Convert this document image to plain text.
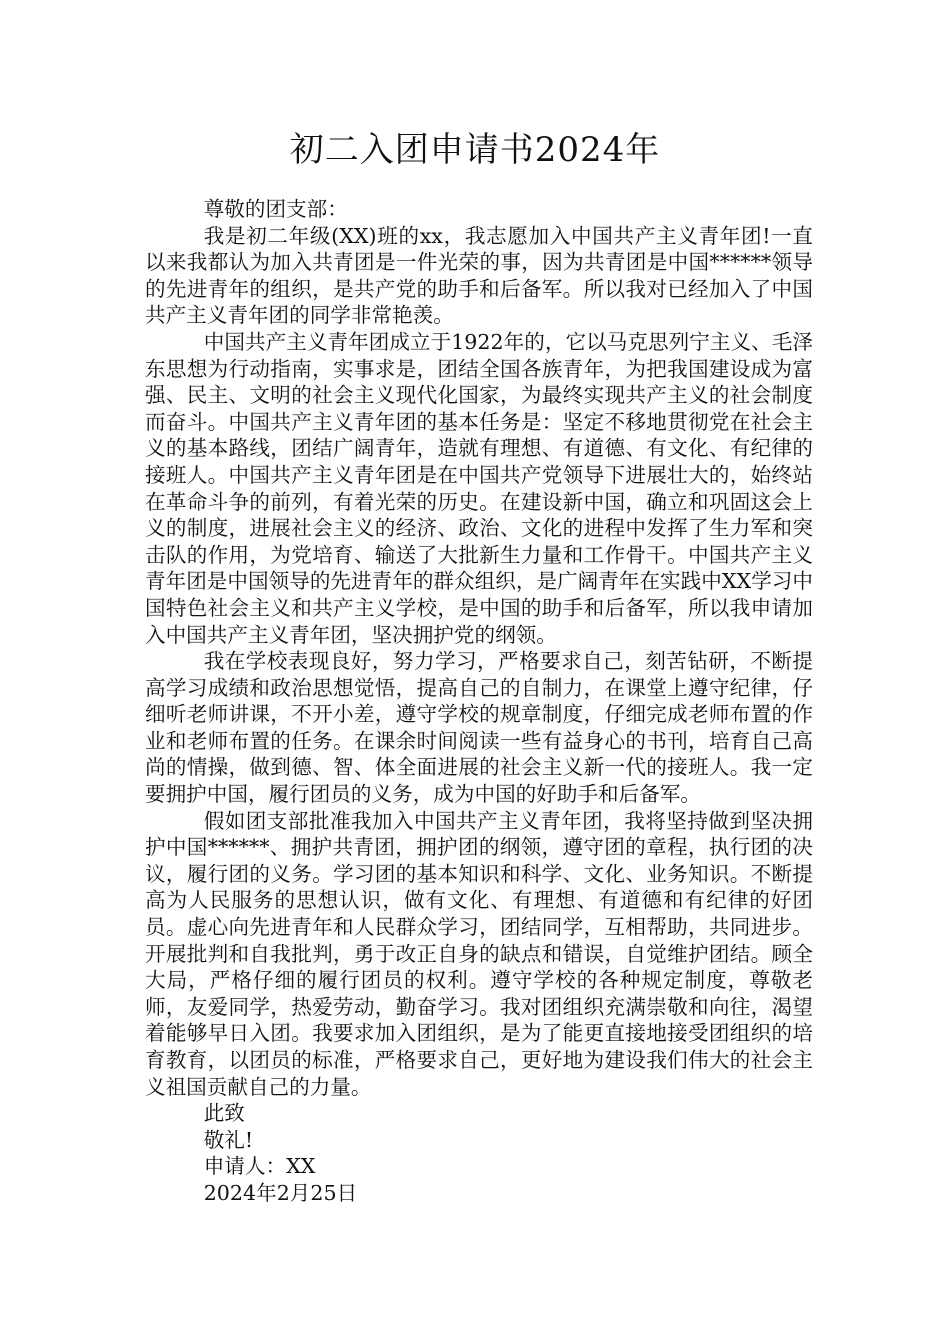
初二入团申请书2024年

尊敬的团支部：

我是初二年级(XX)班的xx，我志愿加入中国共产主义青年团!一直以来我都认为加入共青团是一件光荣的事，因为共青团是中国******领导的先进青年的组织，是共产党的助手和后备军。所以我对已经加入了中国共产主义青年团的同学非常艳羡。

中国共产主义青年团成立于1922年的，它以马克思列宁主义、毛泽东思想为行动指南，实事求是，团结全国各族青年，为把我国建设成为富强、民主、文明的社会主义现代化国家，为最终实现共产主义的社会制度而奋斗。中国共产主义青年团的基本任务是：坚定不移地贯彻党在社会主义的基本路线，团结广阔青年，造就有理想、有道德、有文化、有纪律的接班人。中国共产主义青年团是在中国共产党领导下进展壮大的，始终站在革命斗争的前列，有着光荣的历史。在建设新中国，确立和巩固这会上义的制度，进展社会主义的经济、政治、文化的进程中发挥了生力军和突击队的作用，为党培育、输送了大批新生力量和工作骨干。中国共产主义青年团是中国领导的先进青年的群众组织，是广阔青年在实践中XX学习中国特色社会主义和共产主义学校，是中国的助手和后备军，所以我申请加入中国共产主义青年团，坚决拥护党的纲领。

我在学校表现良好，努力学习，严格要求自己，刻苦钻研，不断提高学习成绩和政治思想觉悟，提高自己的自制力，在课堂上遵守纪律，仔细听老师讲课，不开小差，遵守学校的规章制度，仔细完成老师布置的作业和老师布置的任务。在课余时间阅读一些有益身心的书刊，培育自己高尚的情操，做到德、智、体全面进展的社会主义新一代的接班人。我一定要拥护中国，履行团员的义务，成为中国的好助手和后备军。

假如团支部批准我加入中国共产主义青年团，我将坚持做到坚决拥护中国******、拥护共青团，拥护团的纲领，遵守团的章程，执行团的决议，履行团的义务。学习团的基本知识和科学、文化、业务知识。不断提高为人民服务的思想认识，做有文化、有理想、有道德和有纪律的好团员。虚心向先进青年和人民群众学习，团结同学，互相帮助，共同进步。开展批判和自我批判，勇于改正自身的缺点和错误，自觉维护团结。顾全大局，严格仔细的履行团员的权利。遵守学校的各种规定制度，尊敬老师，友爱同学，热爱劳动，勤奋学习。我对团组织充满崇敬和向往，渴望着能够早日入团。我要求加入团组织，是为了能更直接地接受团组织的培育教育，以团员的标准，严格要求自己，更好地为建设我们伟大的社会主义祖国贡献自己的力量。

此致

敬礼!

申请人：XX

2024年2月25日
